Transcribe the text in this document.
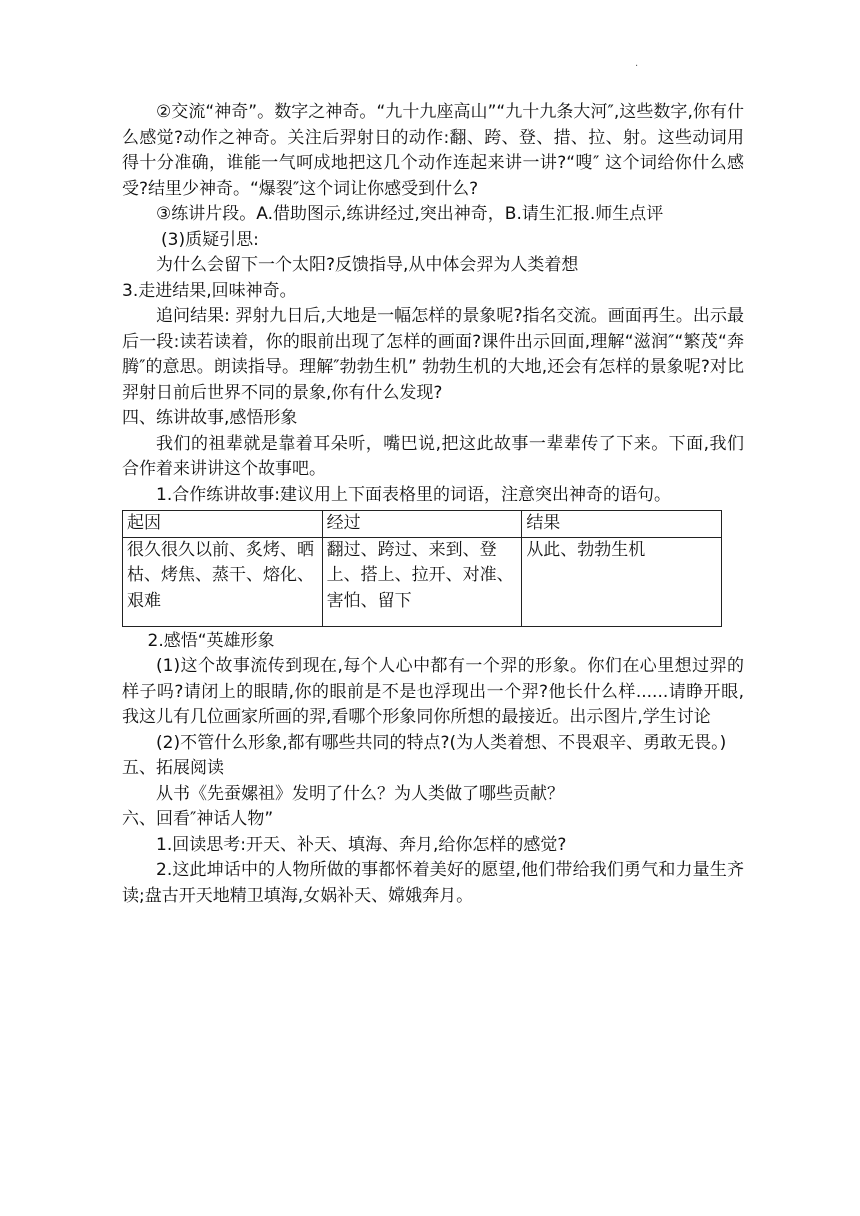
.

②交流“神奇”。数字之神奇。“九十九座高山”“九十九条大河″,这些数字,你有什么感觉?动作之神奇。关注后羿射日的动作:翻、跨、登、措、拉、射。这些动词用得十分准确，谁能一气呵成地把这几个动作连起来讲一讲?“嗖″ 这个词给你什么感受?结里少神奇。“爆裂″这个词让你感受到什么?

③练讲片段。A.借助图示,练讲经过,突出神奇，B.请生汇报.师生点评

(3)质疑引思:

为什么会留下一个太阳?反馈指导,从中体会羿为人类着想

3.走进结果,回味神奇。

追问结果: 羿射九日后,大地是一幅怎样的景象呢?指名交流。画面再生。出示最后一段:读若读着，你的眼前出现了怎样的画面?课件出示回面,理解“滋润″“繁茂“奔腾″的意思。朗读指导。理解″勃勃生机” 勃勃生机的大地,还会有怎样的景象呢?对比羿射日前后世界不同的景象,你有什么发现?

四、练讲故事,感悟形象

我们的祖辈就是靠着耳朵听，嘴巴说,把这此故事一辈辈传了下来。下面,我们合作着来讲讲这个故事吧。

1.合作练讲故事:建议用上下面表格里的词语，注意突出神奇的语句。

起因	经过	结果
很久很久以前、炙烤、晒枯、烤焦、蒸干、熔化、艰难	翻过、跨过、来到、登上、搭上、拉开、对准、害怕、留下	从此、勃勃生机

2.感悟“英雄形象

(1)这个故事流传到现在,每个人心中都有一个羿的形象。你们在心里想过羿的样子吗?请闭上的眼睛,你的眼前是不是也浮现出一个羿?他长什么样......请睁开眼,我这儿有几位画家所画的羿,看哪个形象同你所想的最接近。出示图片,学生讨论

(2)不管什么形象,都有哪些共同的特点?(为人类着想、不畏艰辛、勇敢无畏。)

五、拓展阅读

从书《先蚕嫘祖》发明了什么？为人类做了哪些贡献？

六、回看″神话人物”

1.回读思考:开天、补天、填海、奔月,给你怎样的感觉?

2.这此坤话中的人物所做的事都怀着美好的愿望,他们带给我们勇气和力量生齐读;盘古开天地精卫填海,女娲补天、嫦娥奔月。
